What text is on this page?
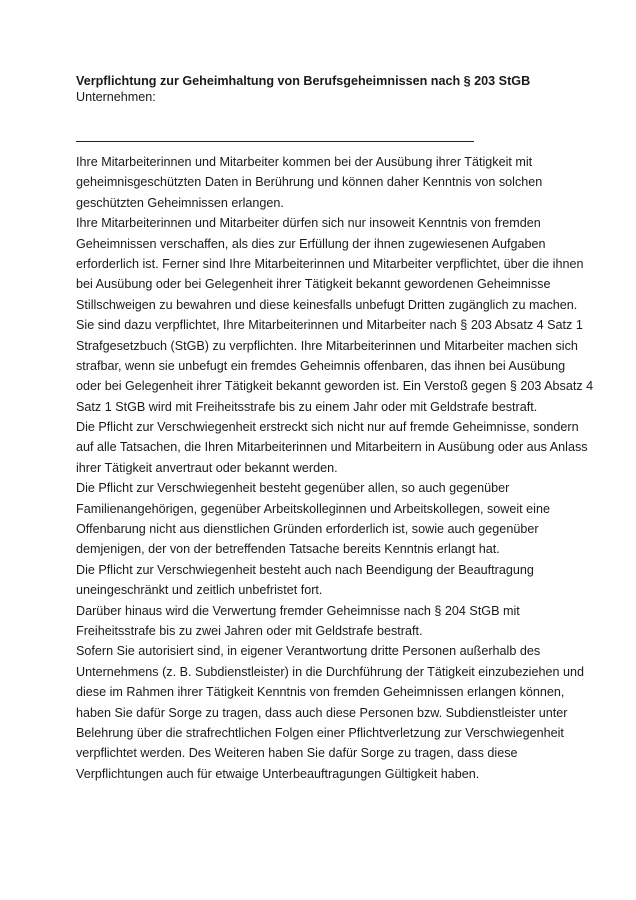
Verpflichtung zur Geheimhaltung von Berufsgeheimnissen nach § 203 StGB
Unternehmen:
Ihre Mitarbeiterinnen und Mitarbeiter kommen bei der Ausübung ihrer Tätigkeit mit
geheimnisgeschützten Daten in Berührung und können daher Kenntnis von solchen
geschützten Geheimnissen erlangen.
Ihre Mitarbeiterinnen und Mitarbeiter dürfen sich nur insoweit Kenntnis von fremden
Geheimnissen verschaffen, als dies zur Erfüllung der ihnen zugewiesenen Aufgaben
erforderlich ist. Ferner sind Ihre Mitarbeiterinnen und Mitarbeiter verpflichtet, über die ihnen
bei Ausübung oder bei Gelegenheit ihrer Tätigkeit bekannt gewordenen Geheimnisse
Stillschweigen zu bewahren und diese keinesfalls unbefugt Dritten zugänglich zu machen.
Sie sind dazu verpflichtet, Ihre Mitarbeiterinnen und Mitarbeiter nach § 203 Absatz 4 Satz 1
Strafgesetzbuch (StGB) zu verpflichten. Ihre Mitarbeiterinnen und Mitarbeiter machen sich
strafbar, wenn sie unbefugt ein fremdes Geheimnis offenbaren, das ihnen bei Ausübung
oder bei Gelegenheit ihrer Tätigkeit bekannt geworden ist. Ein Verstoß gegen § 203 Absatz 4
Satz 1 StGB wird mit Freiheitsstrafe bis zu einem Jahr oder mit Geldstrafe bestraft.
Die Pflicht zur Verschwiegenheit erstreckt sich nicht nur auf fremde Geheimnisse, sondern
auf alle Tatsachen, die Ihren Mitarbeiterinnen und Mitarbeitern in Ausübung oder aus Anlass
ihrer Tätigkeit anvertraut oder bekannt werden.
Die Pflicht zur Verschwiegenheit besteht gegenüber allen, so auch gegenüber
Familienangehörigen, gegenüber Arbeitskolleginnen und Arbeitskollegen, soweit eine
Offenbarung nicht aus dienstlichen Gründen erforderlich ist, sowie auch gegenüber
demjenigen, der von der betreffenden Tatsache bereits Kenntnis erlangt hat.
Die Pflicht zur Verschwiegenheit besteht auch nach Beendigung der Beauftragung
uneingeschränkt und zeitlich unbefristet fort.
Darüber hinaus wird die Verwertung fremder Geheimnisse nach § 204 StGB mit
Freiheitsstrafe bis zu zwei Jahren oder mit Geldstrafe bestraft.
Sofern Sie autorisiert sind, in eigener Verantwortung dritte Personen außerhalb des
Unternehmens (z. B. Subdienstleister) in die Durchführung der Tätigkeit einzubeziehen und
diese im Rahmen ihrer Tätigkeit Kenntnis von fremden Geheimnissen erlangen können,
haben Sie dafür Sorge zu tragen, dass auch diese Personen bzw. Subdienstleister unter
Belehrung über die strafrechtlichen Folgen einer Pflichtverletzung zur Verschwiegenheit
verpflichtet werden. Des Weiteren haben Sie dafür Sorge zu tragen, dass diese
Verpflichtungen auch für etwaige Unterbeauftragungen Gültigkeit haben.
